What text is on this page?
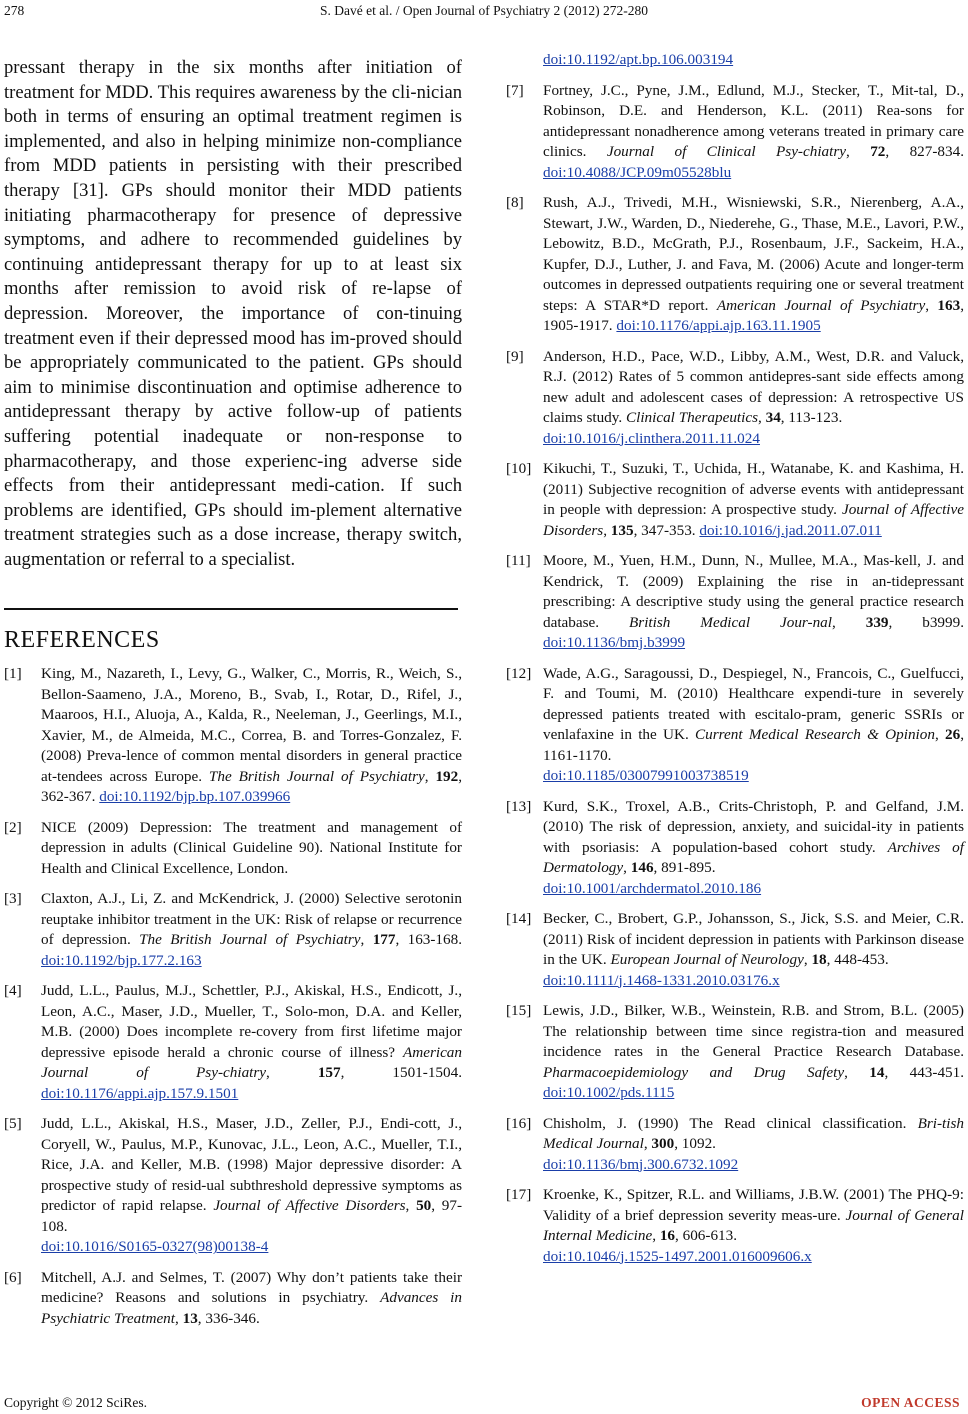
278	S. Davé et al. / Open Journal of Psychiatry 2 (2012) 272-280

pressant therapy in the six months after initiation of treatment for MDD. This requires awareness by the cli-nician both in terms of ensuring an optimal treatment regimen is implemented, and also in helping minimize non-compliance from MDD patients in persisting with their prescribed therapy [31]. GPs should monitor their MDD patients initiating pharmacotherapy for presence of depressive symptoms, and adhere to recommended guidelines by continuing antidepressant therapy for up to at least six months after remission to avoid risk of re-lapse of depression. Moreover, the importance of con-tinuing treatment even if their depressed mood has im-proved should be appropriately communicated to the patient. GPs should aim to minimise discontinuation and optimise adherence to antidepressant therapy by active follow-up of patients suffering potential inadequate or non-response to pharmacotherapy, and those experienc-ing adverse side effects from their antidepressant medi-cation. If such problems are identified, GPs should im-plement alternative treatment strategies such as a dose increase, therapy switch, augmentation or referral to a specialist.

REFERENCES
[1] King, M., Nazareth, I., Levy, G., Walker, C., Morris, R., Weich, S., Bellon-Saameno, J.A., Moreno, B., Svab, I., Rotar, D., Rifel, J., Maaroos, H.I., Aluoja, A., Kalda, R., Neeleman, J., Geerlings, M.I., Xavier, M., de Almeida, M.C., Correa, B. and Torres-Gonzalez, F. (2008) Preva-lence of common mental disorders in general practice at-tendees across Europe. The British Journal of Psychiatry, 192, 362-367. doi:10.1192/bjp.bp.107.039966
[2] NICE (2009) Depression: The treatment and management of depression in adults (Clinical Guideline 90). National Institute for Health and Clinical Excellence, London.
[3] Claxton, A.J., Li, Z. and McKendrick, J. (2000) Selective serotonin reuptake inhibitor treatment in the UK: Risk of relapse or recurrence of depression. The British Journal of Psychiatry, 177, 163-168. doi:10.1192/bjp.177.2.163
[4] Judd, L.L., Paulus, M.J., Schettler, P.J., Akiskal, H.S., Endicott, J., Leon, A.C., Maser, J.D., Mueller, T., Solo-mon, D.A. and Keller, M.B. (2000) Does incomplete re-covery from first lifetime major depressive episode herald a chronic course of illness? American Journal of Psy-chiatry, 157, 1501-1504. doi:10.1176/appi.ajp.157.9.1501
[5] Judd, L.L., Akiskal, H.S., Maser, J.D., Zeller, P.J., Endi-cott, J., Coryell, W., Paulus, M.P., Kunovac, J.L., Leon, A.C., Mueller, T.I., Rice, J.A. and Keller, M.B. (1998) Major depressive disorder: A prospective study of resid-ual subthreshold depressive symptoms as predictor of rapid relapse. Journal of Affective Disorders, 50, 97-108.
doi:10.1016/S0165-0327(98)00138-4
[6] Mitchell, A.J. and Selmes, T. (2007) Why don’t patients take their medicine? Reasons and solutions in psychiatry. Advances in Psychiatric Treatment, 13, 336-346.
doi:10.1192/apt.bp.106.003194
[7] Fortney, J.C., Pyne, J.M., Edlund, M.J., Stecker, T., Mit-tal, D., Robinson, D.E. and Henderson, K.L. (2011) Rea-sons for antidepressant nonadherence among veterans treated in primary care clinics. Journal of Clinical Psy-chiatry, 72, 827-834. doi:10.4088/JCP.09m05528blu
[8] Rush, A.J., Trivedi, M.H., Wisniewski, S.R., Nierenberg, A.A., Stewart, J.W., Warden, D., Niederehe, G., Thase, M.E., Lavori, P.W., Lebowitz, B.D., McGrath, P.J., Rosenbaum, J.F., Sackeim, H.A., Kupfer, D.J., Luther, J. and Fava, M. (2006) Acute and longer-term outcomes in depressed outpatients requiring one or several treatment steps: A STAR*D report. American Journal of Psychiatry, 163, 1905-1917. doi:10.1176/appi.ajp.163.11.1905
[9] Anderson, H.D., Pace, W.D., Libby, A.M., West, D.R. and Valuck, R.J. (2012) Rates of 5 common antidepres-sant side effects among new adult and adolescent cases of depression: A retrospective US claims study. Clinical Therapeutics, 34, 113-123.
doi:10.1016/j.clinthera.2011.11.024
[10] Kikuchi, T., Suzuki, T., Uchida, H., Watanabe, K. and Kashima, H. (2011) Subjective recognition of adverse events with antidepressant in people with depression: A prospective study. Journal of Affective Disorders, 135, 347-353. doi:10.1016/j.jad.2011.07.011
[11] Moore, M., Yuen, H.M., Dunn, N., Mullee, M.A., Mas-kell, J. and Kendrick, T. (2009) Explaining the rise in an-tidepressant prescribing: A descriptive study using the general practice research database. British Medical Jour-nal, 339, b3999. doi:10.1136/bmj.b3999
[12] Wade, A.G., Saragoussi, D., Despiegel, N., Francois, C., Guelfucci, F. and Toumi, M. (2010) Healthcare expendi-ture in severely depressed patients treated with escitalo-pram, generic SSRIs or venlafaxine in the UK. Current Medical Research & Opinion, 26, 1161-1170.
doi:10.1185/03007991003738519
[13] Kurd, S.K., Troxel, A.B., Crits-Christoph, P. and Gelfand, J.M. (2010) The risk of depression, anxiety, and suicidal-ity in patients with psoriasis: A population-based cohort study. Archives of Dermatology, 146, 891-895.
doi:10.1001/archdermatol.2010.186
[14] Becker, C., Brobert, G.P., Johansson, S., Jick, S.S. and Meier, C.R. (2011) Risk of incident depression in patients with Parkinson disease in the UK. European Journal of Neurology, 18, 448-453.
doi:10.1111/j.1468-1331.2010.03176.x
[15] Lewis, J.D., Bilker, W.B., Weinstein, R.B. and Strom, B.L. (2005) The relationship between time since registra-tion and measured incidence rates in the General Practice Research Database. Pharmacoepidemiology and Drug Safety, 14, 443-451. doi:10.1002/pds.1115
[16] Chisholm, J. (1990) The Read clinical classification. Bri-tish Medical Journal, 300, 1092.
doi:10.1136/bmj.300.6732.1092
[17] Kroenke, K., Spitzer, R.L. and Williams, J.B.W. (2001) The PHQ-9: Validity of a brief depression severity meas-ure. Journal of General Internal Medicine, 16, 606-613.
doi:10.1046/j.1525-1497.2001.016009606.x
Copyright © 2012 SciRes.	OPEN ACCESS
